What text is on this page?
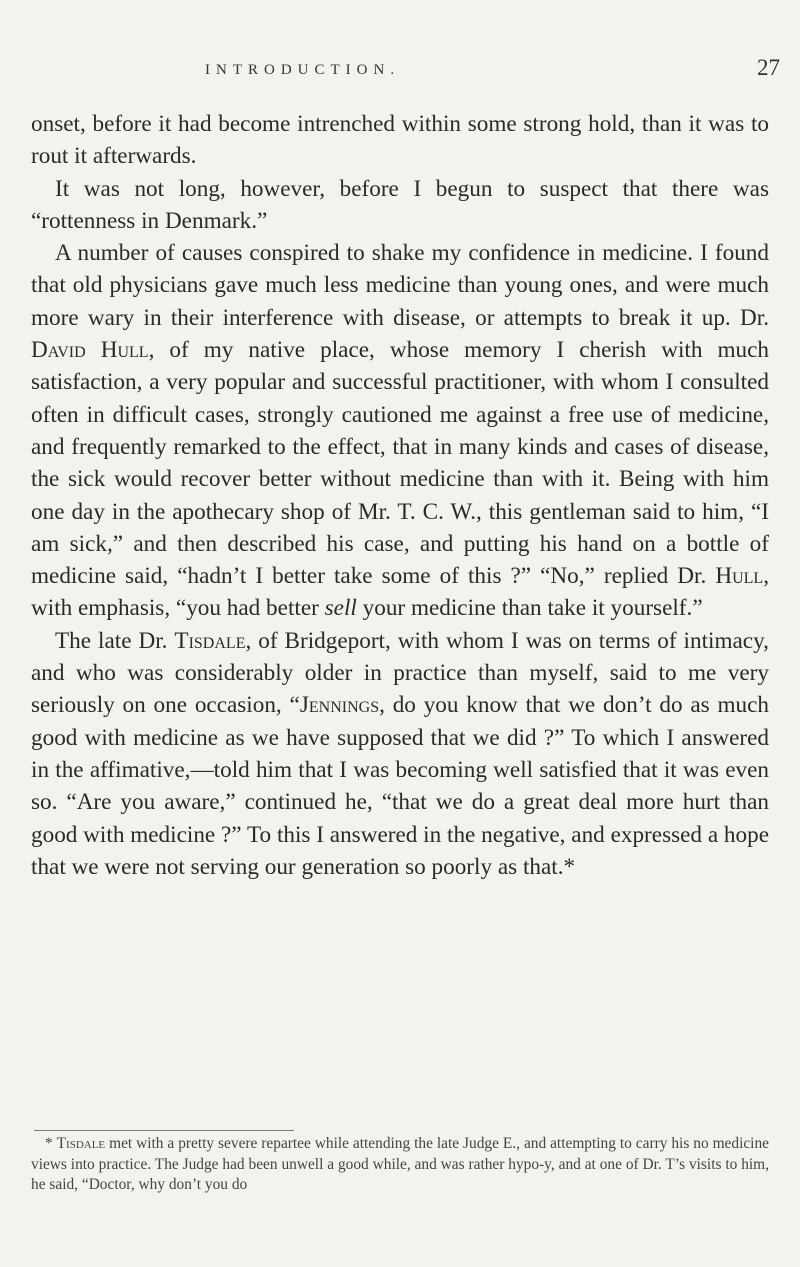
INTRODUCTION.	27

onset, before it had become intrenched within some strong hold, than it was to rout it afterwards.

It was not long, however, before I begun to suspect that there was “rottenness in Denmark.”

A number of causes conspired to shake my confidence in medicine. I found that old physicians gave much less medicine than young ones, and were much more wary in their interference with disease, or attempts to break it up. Dr. David Hull, of my native place, whose memory I cherish with much satisfaction, a very popular and successful practitioner, with whom I consulted often in difficult cases, strongly cautioned me against a free use of medicine, and frequently remarked to the effect, that in many kinds and cases of disease, the sick would recover better without medicine than with it. Being with him one day in the apothecary shop of Mr. T. C. W., this gentleman said to him, “I am sick,” and then described his case, and putting his hand on a bottle of medicine said, “hadn’t I better take some of this ?” “No,” replied Dr. Hull, with emphasis, “you had better sell your medicine than take it yourself.”

The late Dr. Tisdale, of Bridgeport, with whom I was on terms of intimacy, and who was considerably older in practice than myself, said to me very seriously on one occasion, “Jennings, do you know that we don’t do as much good with medicine as we have supposed that we did ?” To which I answered in the affimative,—told him that I was becoming well satisfied that it was even so. “Are you aware,” continued he, “that we do a great deal more hurt than good with medicine ?” To this I answered in the negative, and expressed a hope that we were not serving our generation so poorly as that.*

* Tisdale met with a pretty severe repartee while attending the late Judge E., and attempting to carry his no medicine views into practice. The Judge had been unwell a good while, and was rather hypo-y, and at one of Dr. T’s visits to him, he said, “Doctor, why don’t you do
